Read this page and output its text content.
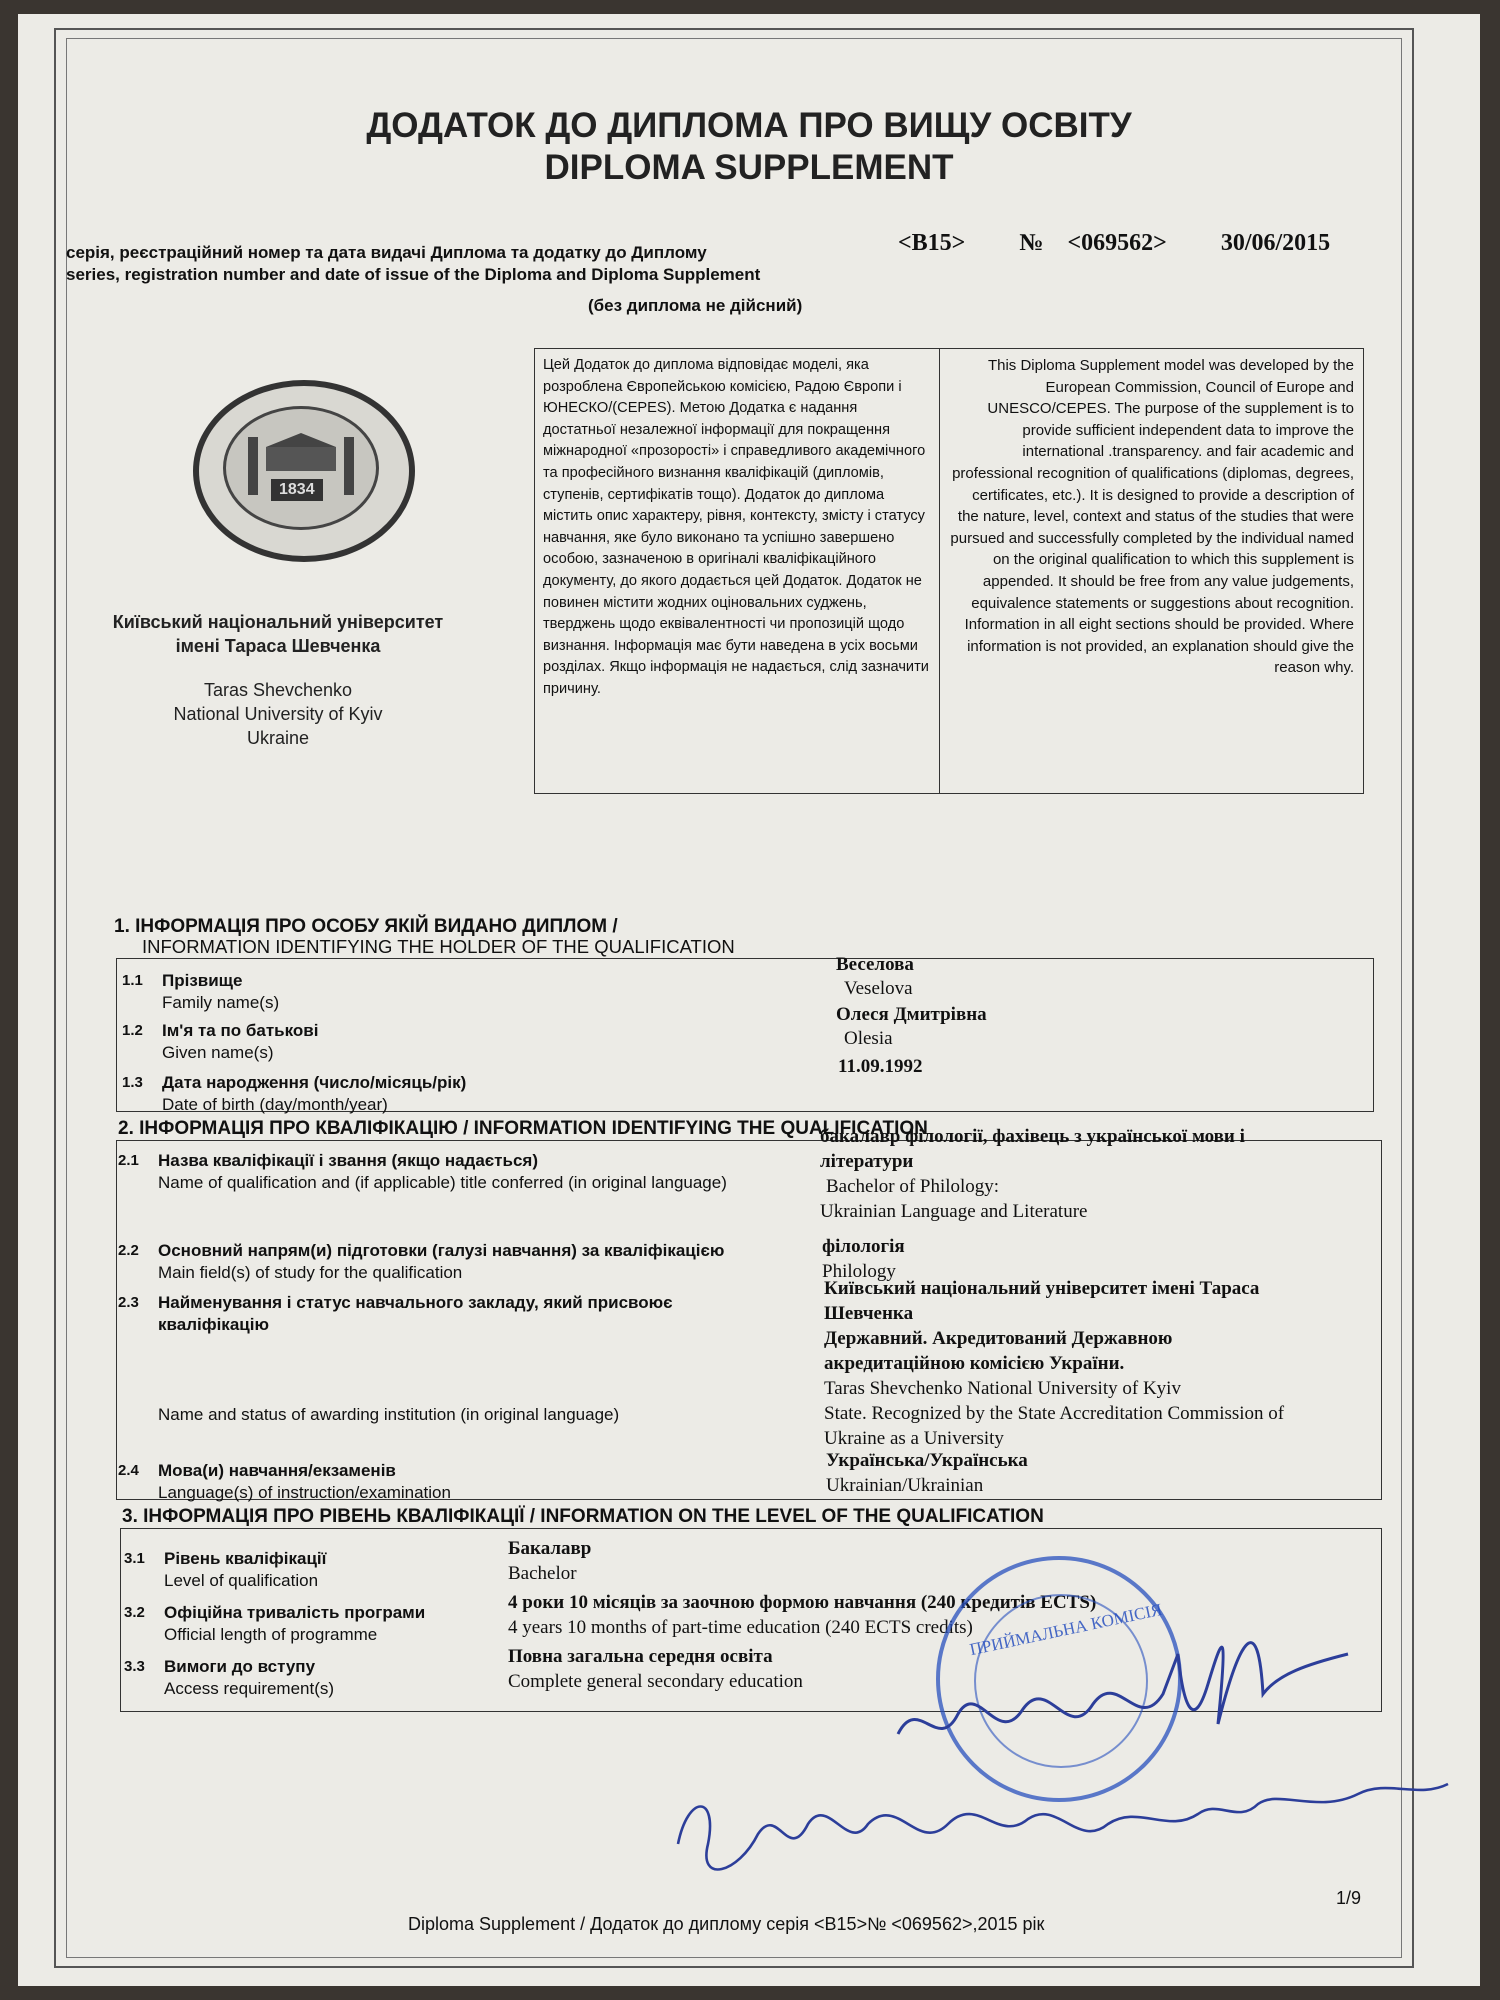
ДОДАТОК ДО ДИПЛОМА ПРО ВИЩУ ОСВІТУ
DIPLOMA SUPPLEMENT
серія, реєстраційний номер та дата видачі Диплома та додатку до Диплому
series, registration number and date of issue of the Diploma and Diploma Supplement
<B15> № <069562> 30/06/2015
(без диплома не дійсний)
1834
Київський національний університет
імені Тараса Шевченка
Taras Shevchenko
National University of Kyiv
Ukraine
Цей Додаток до диплома відповідає моделі, яка розроблена Європейською комісією, Радою Європи і ЮНЕСКО/(CEPES). Метою Додатка є надання достатньої незалежної інформації для покращення міжнародної «прозорості» і справедливого академічного та професійного визнання кваліфікацій (дипломів, ступенів, сертифікатів тощо). Додаток до диплома містить опис характеру, рівня, контексту, змісту і статусу навчання, яке було виконано та успішно завершено особою, зазначеною в оригіналі кваліфікаційного документу, до якого додається цей Додаток. Додаток не повинен містити жодних оціновальних суджень, тверджень щодо еквівалентності чи пропозицій щодо визнання. Інформація має бути наведена в усіх восьми розділах. Якщо інформація не надається, слід зазначити причину.
This Diploma Supplement model was developed by the European Commission, Council of Europe and UNESCO/CEPES. The purpose of the supplement is to provide sufficient independent data to improve the international .transparency. and fair academic and professional recognition of qualifications (diplomas, degrees, certificates, etc.). It is designed to provide a description of the nature, level, context and status of the studies that were pursued and successfully completed by the individual named on the original qualification to which this supplement is appended. It should be free from any value judgements, equivalence statements or suggestions about recognition. Information in all eight sections should be provided. Where information is not provided, an explanation should give the reason why.
1. ІНФОРМАЦІЯ ПРО ОСОБУ ЯКІЙ ВИДАНО ДИПЛОМ /
INFORMATION IDENTIFYING THE HOLDER OF THE QUALIFICATION
1.1 Прізвище
Family name(s)
Веселова
Veselova
1.2 Ім'я та по батькові
Given name(s)
Олеся Дмитрівна
Olesia
1.3 Дата народження (число/місяць/рік)
Date of birth (day/month/year)
11.09.1992
2. ІНФОРМАЦІЯ ПРО КВАЛІФІКАЦІЮ / INFORMATION IDENTIFYING THE QUALIFICATION
2.1 Назва кваліфікації і звання (якщо надається)
Name of qualification and (if applicable) title conferred (in original language)
бакалавр філології, фахівець з української мови і
літератури
Bachelor of Philology:
Ukrainian Language and Literature
2.2 Основний напрям(и) підготовки (галузі навчання) за кваліфікацією
Main field(s) of study for the qualification
філологія
Philology
2.3 Найменування і статус навчального закладу, який присвоює
кваліфікацію
Name and status of awarding institution (in original language)
Київський національний університет імені Тараса
Шевченка
Державний. Акредитований Державною
акредитаційною комісією України.
Taras Shevchenko National University of Kyiv
State. Recognized by the State Accreditation Commission of
Ukraine as a University
2.4 Мова(и) навчання/екзаменів
Language(s) of instruction/examination
Українська/Українська
Ukrainian/Ukrainian
3. ІНФОРМАЦІЯ ПРО РІВЕНЬ КВАЛІФІКАЦІЇ / INFORMATION ON THE LEVEL OF THE QUALIFICATION
3.1 Рівень кваліфікації
Level of qualification
Бакалавр
Bachelor
3.2 Офіційна тривалість програми
Official length of programme
4 роки 10 місяців за заочною формою навчання (240 кредитів ECTS)
4 years 10 months of part-time education (240 ECTS credits)
3.3 Вимоги до вступу
Access requirement(s)
Повна загальна середня освіта
Complete general secondary education
ПРИЙМАЛЬНА КОМІСІЯ
1/9
Diploma Supplement / Додаток до диплому серія <B15>№ <069562>,2015 рік
